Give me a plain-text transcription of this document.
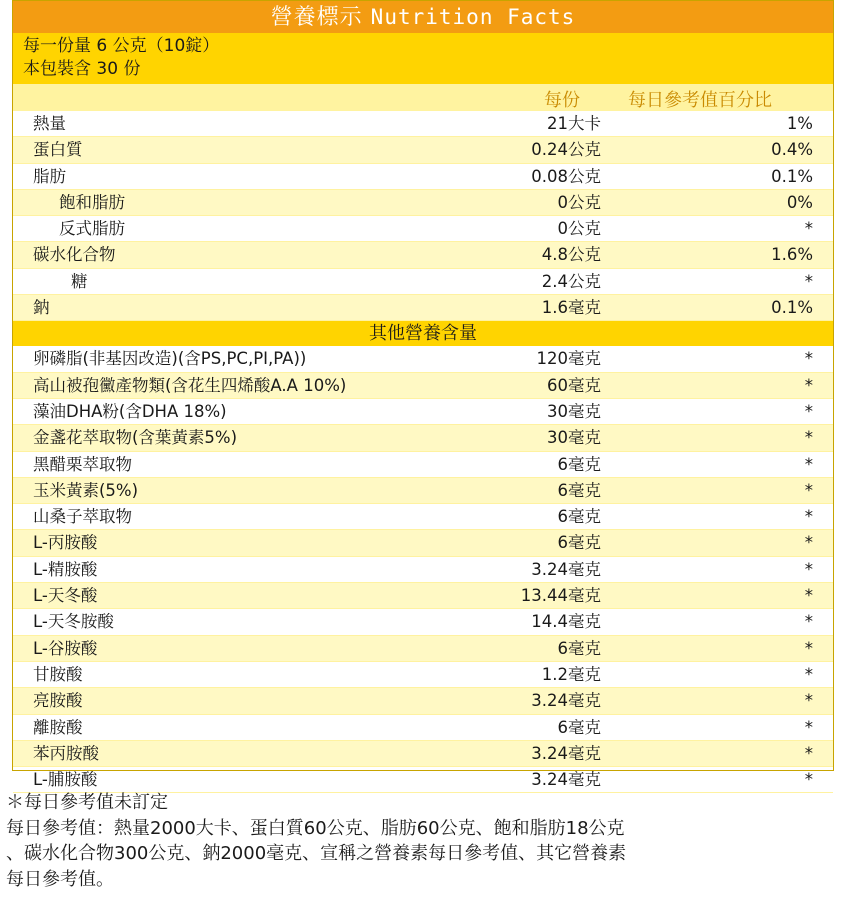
營養標示 Nutrition Facts
每一份量 6 公克（10錠）
本包裝含 30 份
每份	每日參考值百分比
熱量	21大卡	1%
蛋白質	0.24公克	0.4%
脂肪	0.08公克	0.1%
飽和脂肪	0公克	0%
反式脂肪	0公克	*
碳水化合物	4.8公克	1.6%
糖	2.4公克	*
鈉	1.6毫克	0.1%
其他營養含量
卵磷脂(非基因改造)(含PS,PC,PI,PA))	120毫克	*
高山被孢黴產物類(含花生四烯酸A.A 10%)	60毫克	*
藻油DHA粉(含DHA 18%)	30毫克	*
金盞花萃取物(含葉黃素5%)	30毫克	*
黑醋栗萃取物	6毫克	*
玉米黃素(5%)	6毫克	*
山桑子萃取物	6毫克	*
L-丙胺酸	6毫克	*
L-精胺酸	3.24毫克	*
L-天冬酸	13.44毫克	*
L-天冬胺酸	14.4毫克	*
L-谷胺酸	6毫克	*
甘胺酸	1.2毫克	*
亮胺酸	3.24毫克	*
離胺酸	6毫克	*
苯丙胺酸	3.24毫克	*
L-脯胺酸	3.24毫克	*
＊每日參考值未訂定
每日參考值：熱量2000大卡、蛋白質60公克、脂肪60公克、飽和脂肪18公克
、碳水化合物300公克、鈉2000毫克、宣稱之營養素每日參考值、其它營養素
每日參考值。
